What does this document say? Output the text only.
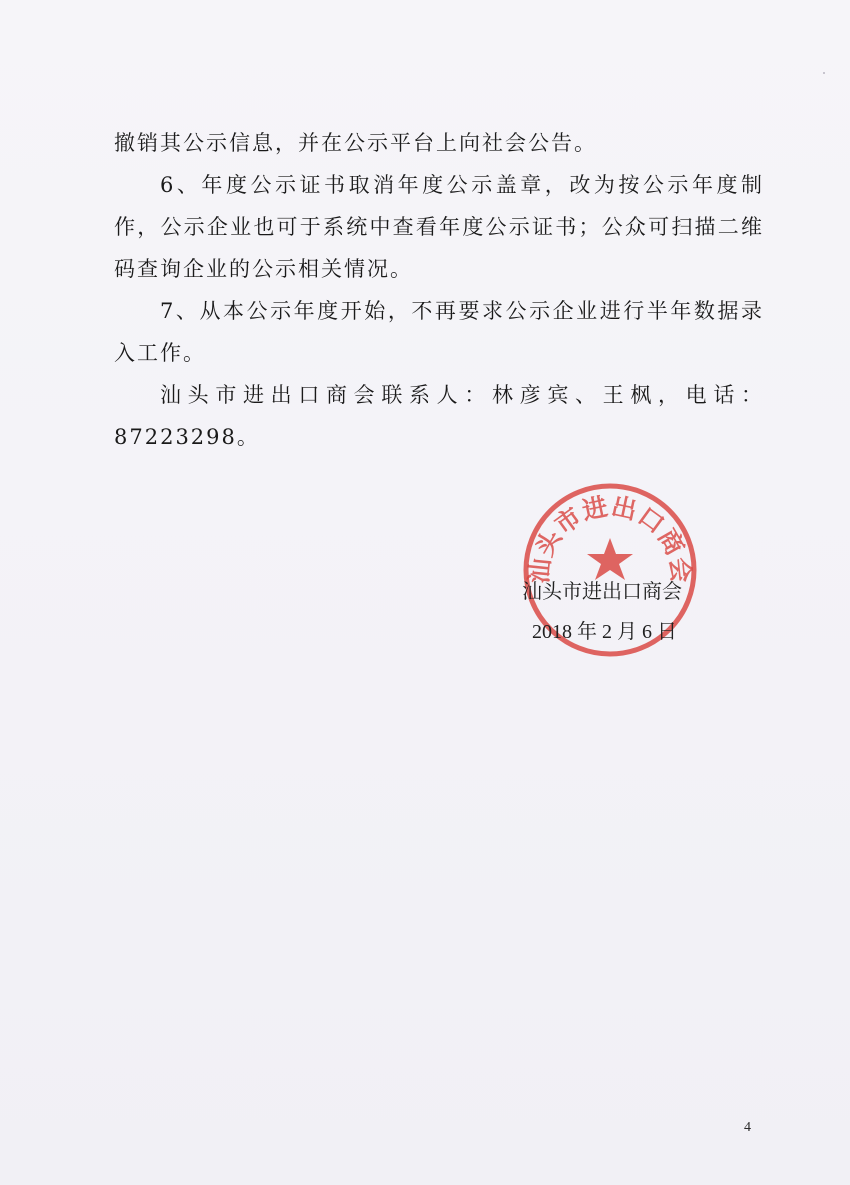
撤销其公示信息，并在公示平台上向社会公告。

6、年度公示证书取消年度公示盖章，改为按公示年度制作，公示企业也可于系统中查看年度公示证书；公众可扫描二维码查询企业的公示相关情况。

7、从本公示年度开始，不再要求公示企业进行半年数据录入工作。

汕头市进出口商会联系人：林彦宾、王枫，电话：87223298。

汕头市进出口商会
汕头市进出口商会
2018 年 2 月 6 日
4
